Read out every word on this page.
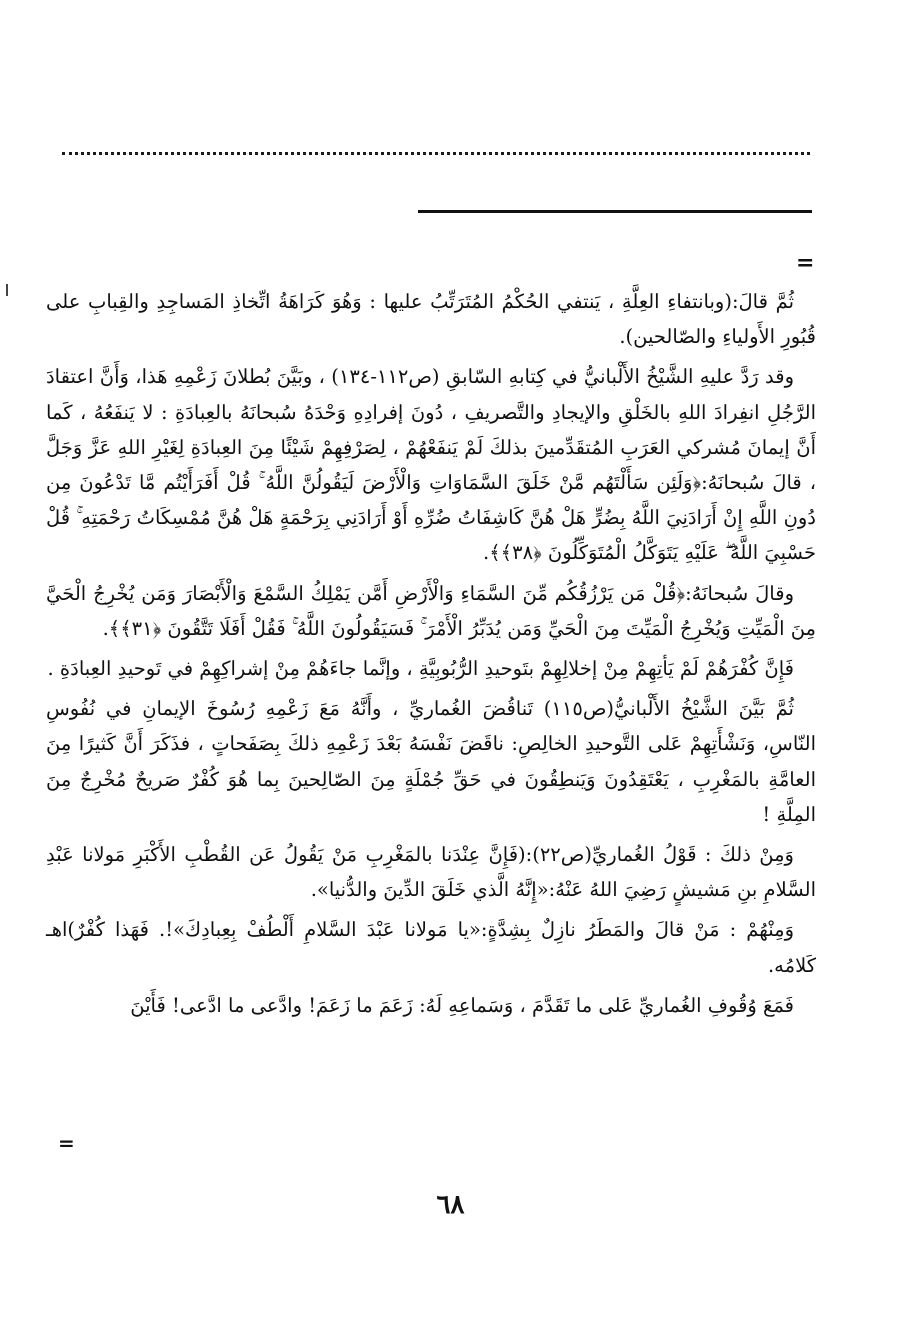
=

ثُمَّ قالَ:(وبانتفاءِ العِلَّةِ ، يَنتفي الحُكْمُ المُتَرَتِّبُ عليها : وَهُوَ كَرَاهَةُ اتِّخاذِ المَساجِدِ والقِبابِ على قُبُورِ الأَولياءِ والصّالحين).

وقد رَدَّ عليهِ الشَّيْخُ الأَلْبانيُّ في كِتابهِ السّابقِ (ص١١٢-١٣٤) ، وبَيَّنَ بُطلانَ زَعْمِهِ هَذا، وَأَنَّ اعتقادَ الرَّجُلِ انفِرادَ اللهِ بالخَلْقِ والإيجادِ والتَّصريفِ ، دُونَ إفرادِهِ وَحْدَهُ سُبحانَهُ بالعِبادَةِ : لا يَنفَعُهُ ، كَما أَنَّ إيمانَ مُشركي العَرَبِ المُتقَدِّمينَ بذلكَ لَمْ يَنفَعْهُمْ ، لِصَرْفِهِمْ شَيْئًا مِنَ العِبادَةِ لِغَيْرِ اللهِ عَزَّ وَجَلَّ ، قالَ سُبحانَهُ:﴿وَلَئِن سَأَلْتَهُم مَّنْ خَلَقَ السَّمَاوَاتِ وَالْأَرْضَ لَيَقُولُنَّ اللَّهُ ۚ قُلْ أَفَرَأَيْتُم مَّا تَدْعُونَ مِن دُونِ اللَّهِ إِنْ أَرَادَنِيَ اللَّهُ بِضُرٍّ هَلْ هُنَّ كَاشِفَاتُ ضُرِّهِ أَوْ أَرَادَنِي بِرَحْمَةٍ هَلْ هُنَّ مُمْسِكَاتُ رَحْمَتِهِ ۚ قُلْ حَسْبِيَ اللَّهُ ۖ عَلَيْهِ يَتَوَكَّلُ الْمُتَوَكِّلُونَ ﴿٣٨﴾﴾.

وقالَ سُبحانَهُ:﴿قُلْ مَن يَرْزُقُكُم مِّنَ السَّمَاءِ وَالْأَرْضِ أَمَّن يَمْلِكُ السَّمْعَ وَالْأَبْصَارَ وَمَن يُخْرِجُ الْحَيَّ مِنَ الْمَيِّتِ وَيُخْرِجُ الْمَيِّتَ مِنَ الْحَيِّ وَمَن يُدَبِّرُ الْأَمْرَ ۚ فَسَيَقُولُونَ اللَّهُ ۚ فَقُلْ أَفَلَا تَتَّقُونَ ﴿٣١﴾﴾.

فَإِنَّ كُفْرَهُمْ لَمْ يَأتِهِمْ مِنْ إخلالِهِمْ بتَوحيدِ الرُّبُوبِيَّةِ ، وإنَّما جاءَهُمْ مِنْ إشراكِهِمْ في تَوحيدِ العِبادَةِ .

ثُمَّ بَيَّنَ الشَّيْخُ الأَلْبانيُّ(ص١١٥) تَناقُضَ الغُماريِّ ، وأَنَّهُ مَعَ زَعْمِهِ رُسُوخَ الإيمانِ في نُفُوسِ النّاسِ، وَنَشْأَتِهِمْ عَلى التَّوحيدِ الخالِصِ: ناقَضَ نَفْسَهُ بَعْدَ زَعْمِهِ ذلكَ بِصَفَحاتٍ ، فذَكَرَ أَنَّ كَثيرًا مِنَ العامَّةِ بالمَغْرِبِ ، يَعْتَقِدُونَ وَيَنطِقُونَ في حَقِّ جُمْلَةٍ مِنَ الصّالِحينَ بِما هُوَ كُفْرٌ صَريحٌ مُخْرِجٌ مِنَ المِلَّةِ !

وَمِنْ ذلكَ : قَوْلُ الغُماريِّ(ص٢٢):(فَإِنَّ عِنْدَنا بالمَغْرِبِ مَنْ يَقُولُ عَن القُطْبِ الأَكْبَرِ مَولانا عَبْدِ السَّلامِ بنِ مَشيشٍ رَضِيَ اللهُ عَنْهُ:«إِنَّهُ الَّذي خَلَقَ الدِّينَ والدُّنيا».

وَمِنْهُمْ : مَنْ قالَ والمَطَرُ نازِلٌ بِشِدَّةٍ:«يا مَولانا عَبْدَ السَّلامِ أَلْطُفْ بِعِبادِكَ»!. فَهَذا كُفْرٌ)اهـ كَلامُه.

فَمَعَ وُقُوفِ الغُماريِّ عَلى ما تَقَدَّمَ ، وَسَماعِهِ لَهُ: زَعَمَ ما زَعَمَ! وادَّعى ما ادَّعى! فَأَيْنَ

=
٦٨
